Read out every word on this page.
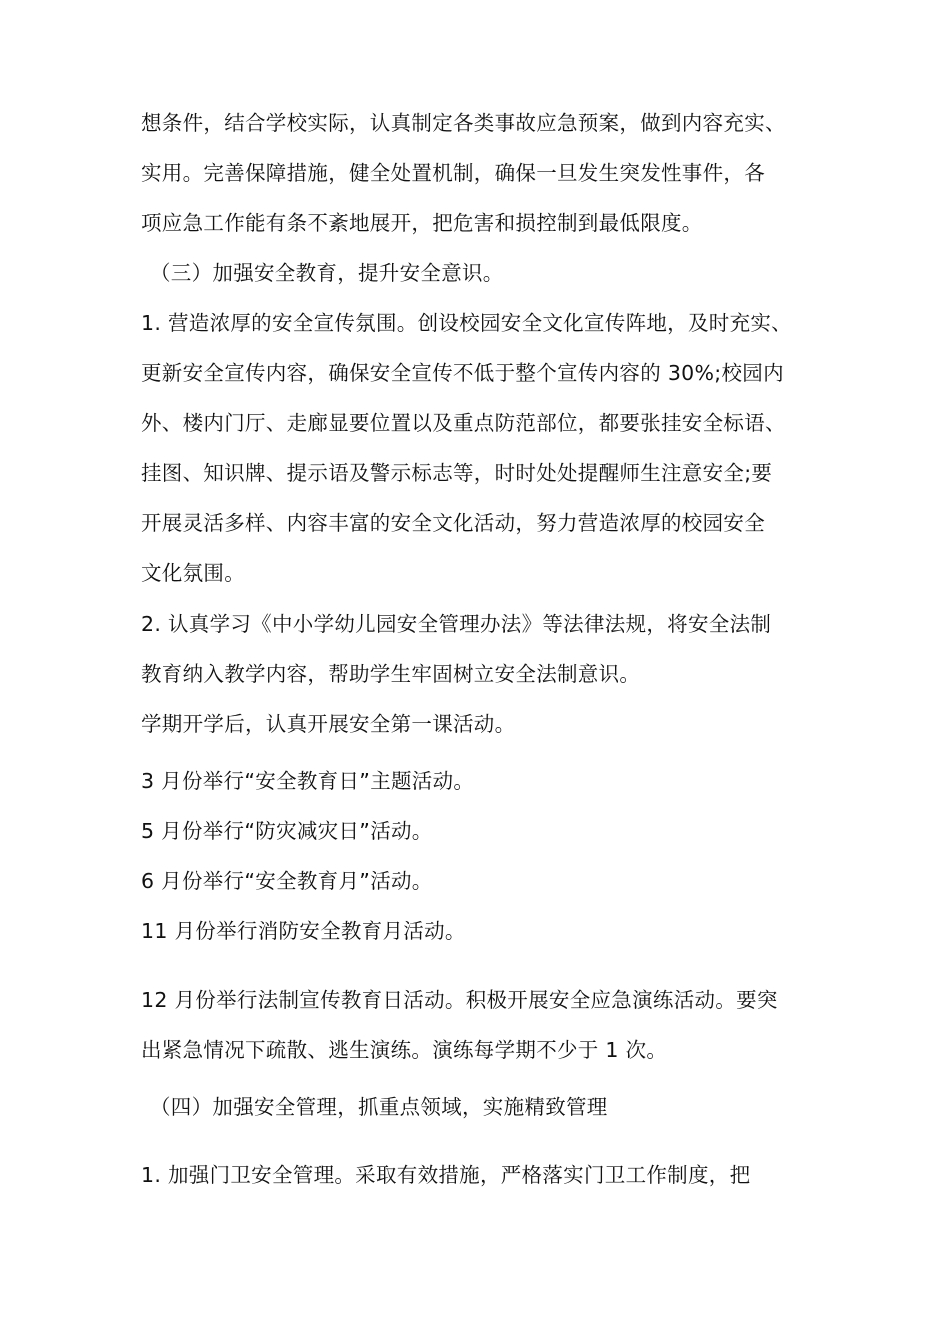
想条件，结合学校实际，认真制定各类事故应急预案，做到内容充实、
实用。完善保障措施，健全处置机制，确保一旦发生突发性事件，各
项应急工作能有条不紊地展开，把危害和损控制到最低限度。
（三）加强安全教育，提升安全意识。
1. 营造浓厚的安全宣传氛围。创设校园安全文化宣传阵地，及时充实、
更新安全宣传内容，确保安全宣传不低于整个宣传内容的 30%;校园内
外、楼内门厅、走廊显要位置以及重点防范部位，都要张挂安全标语、
挂图、知识牌、提示语及警示标志等，时时处处提醒师生注意安全;要
开展灵活多样、内容丰富的安全文化活动，努力营造浓厚的校园安全
文化氛围。
2. 认真学习《中小学幼儿园安全管理办法》等法律法规，将安全法制
教育纳入教学内容，帮助学生牢固树立安全法制意识。
学期开学后，认真开展安全第一课活动。
3 月份举行“安全教育日”主题活动。
5 月份举行“防灾减灾日”活动。
6 月份举行“安全教育月”活动。
11 月份举行消防安全教育月活动。
12 月份举行法制宣传教育日活动。积极开展安全应急演练活动。要突
出紧急情况下疏散、逃生演练。演练每学期不少于 1 次。
（四）加强安全管理，抓重点领域，实施精致管理
1. 加强门卫安全管理。采取有效措施，严格落实门卫工作制度，把
